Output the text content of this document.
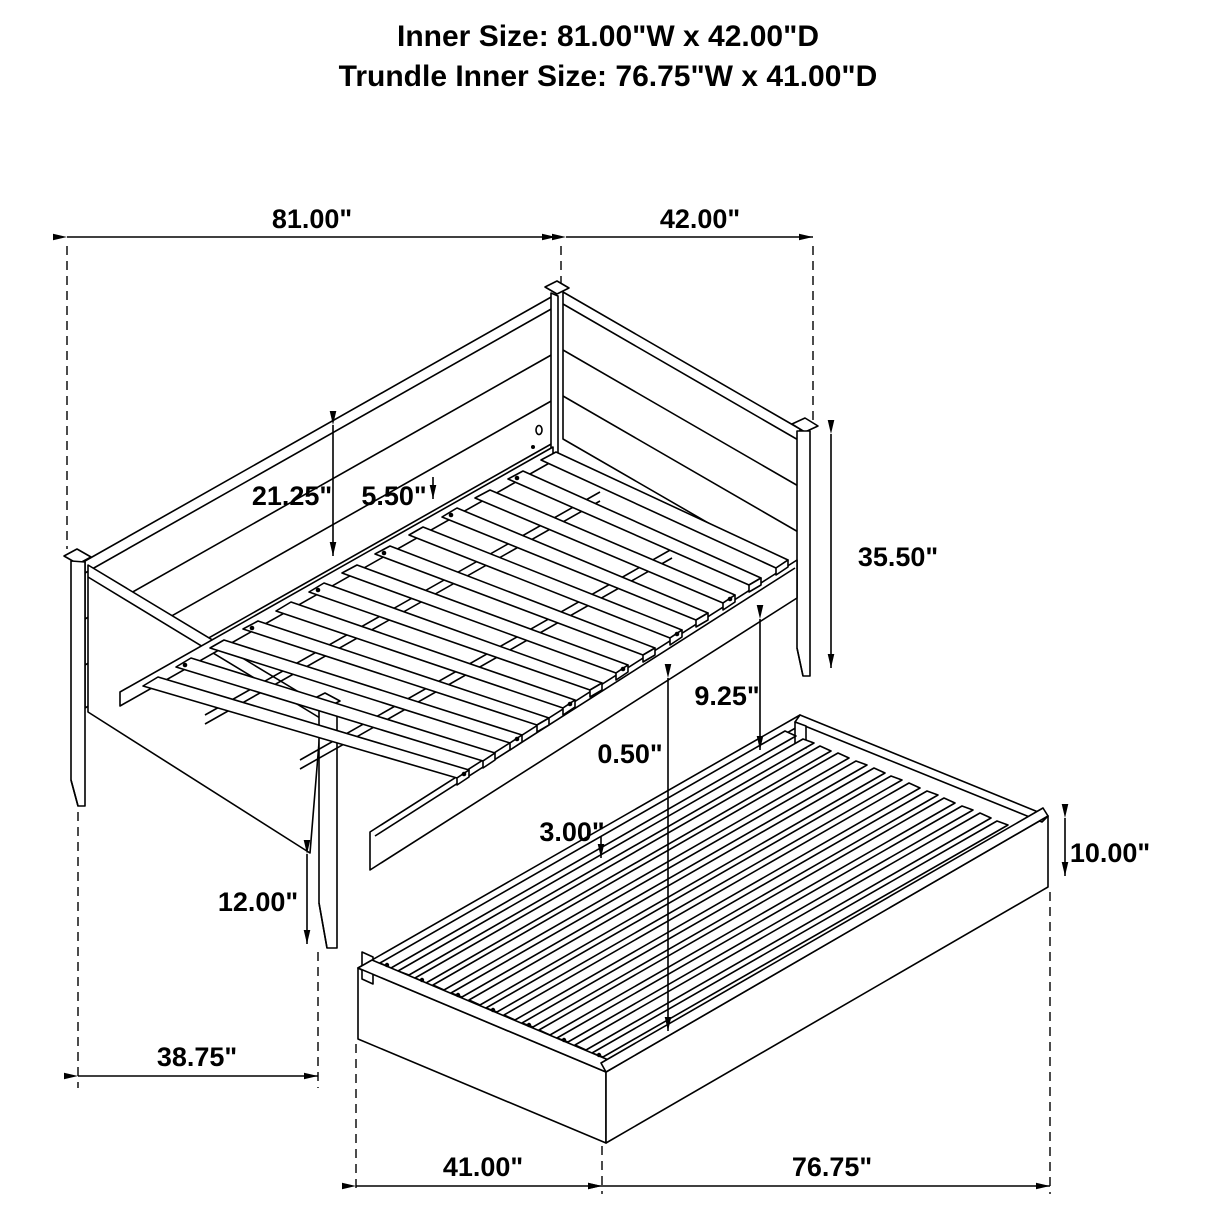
Inner Size: 81.00"W x 42.00"D
Trundle Inner Size: 76.75"W x 41.00"D
81.00"	42.00"
21.25" 5.50"
35.50"
9.25"
0.50"
3.00"
12.00"
10.00"
38.75"
41.00"	76.75"
